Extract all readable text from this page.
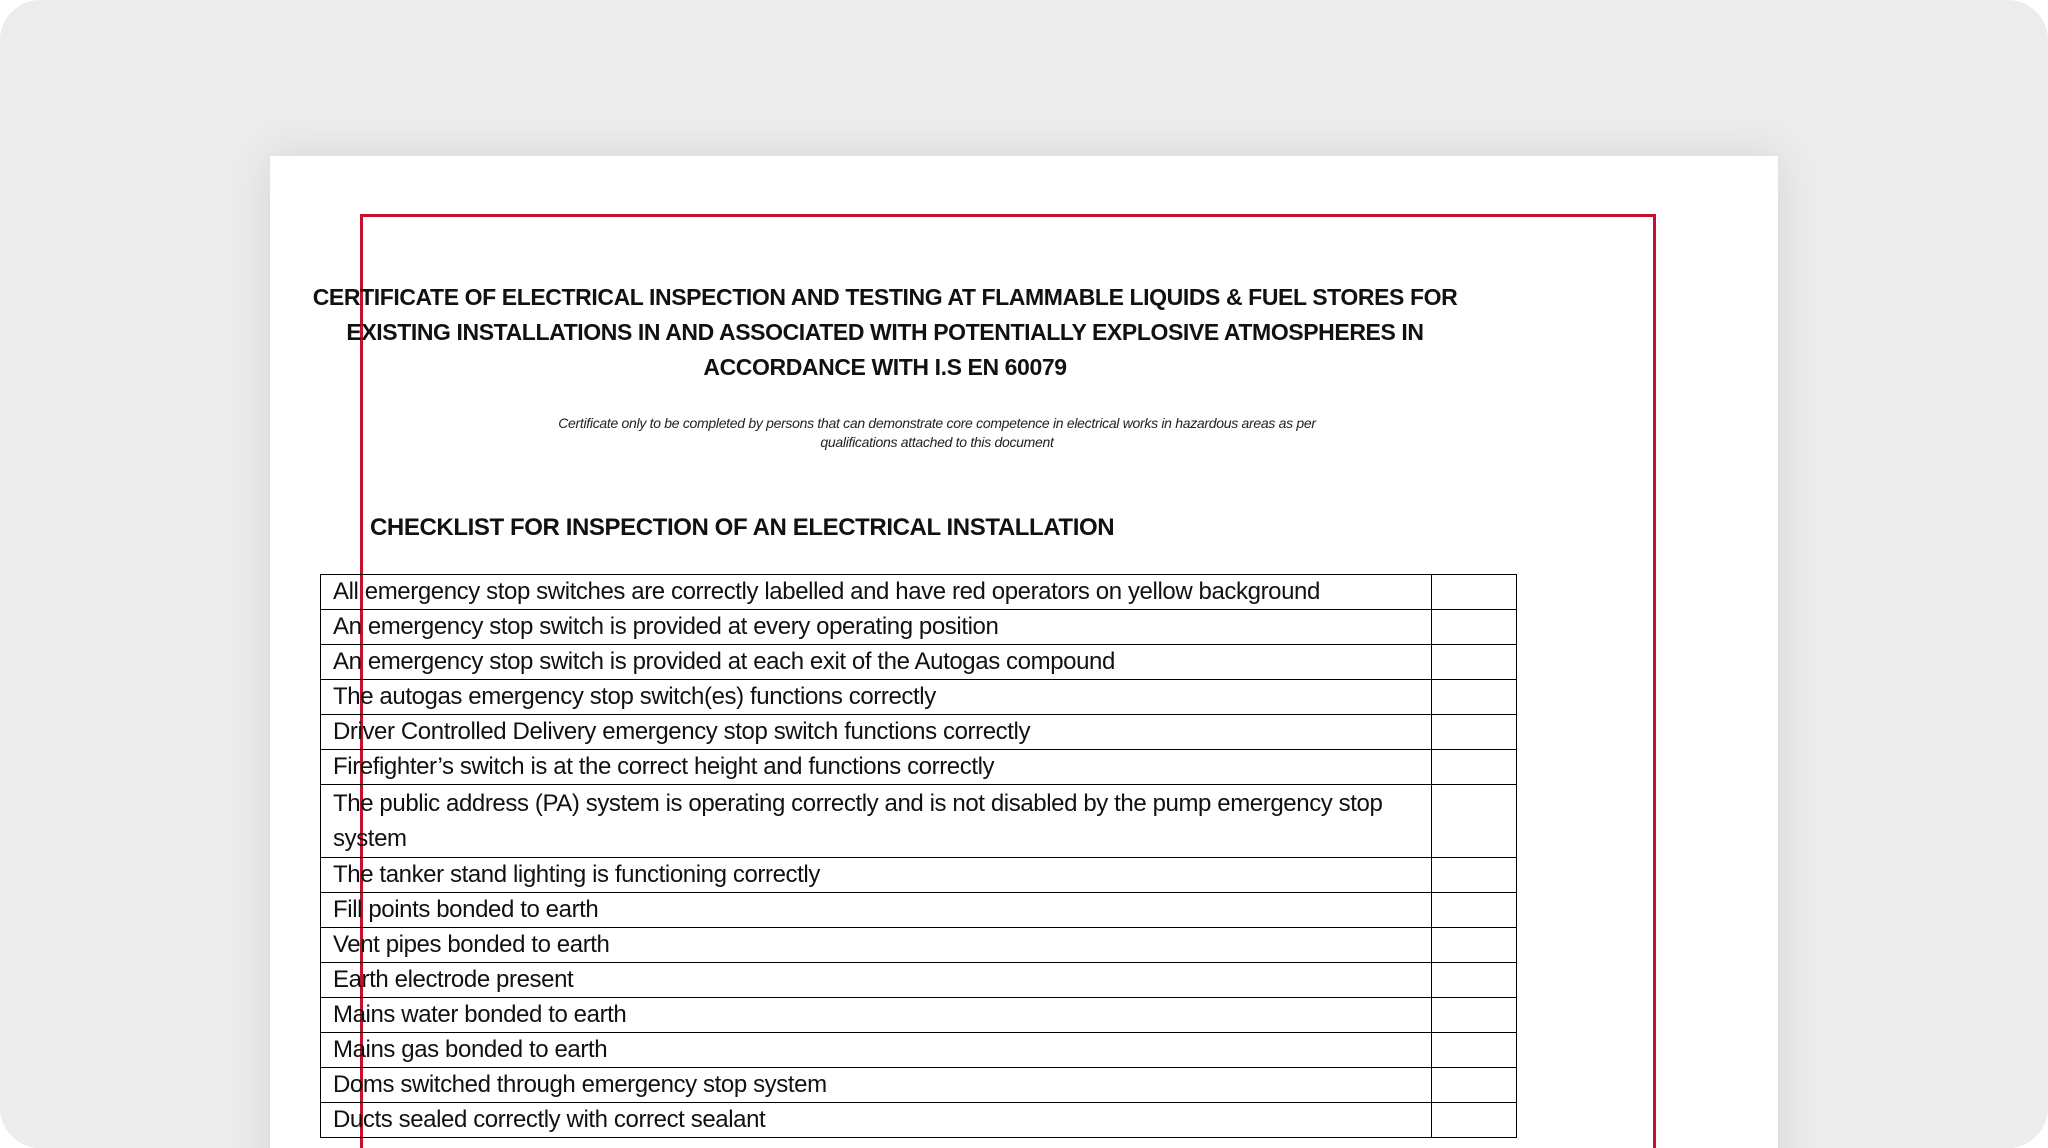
CERTIFICATE OF ELECTRICAL INSPECTION AND TESTING AT FLAMMABLE LIQUIDS & FUEL STORES FOR
EXISTING INSTALLATIONS IN AND ASSOCIATED WITH POTENTIALLY EXPLOSIVE ATMOSPHERES IN
ACCORDANCE WITH I.S EN 60079

Certificate only to be completed by persons that can demonstrate core competence in electrical works in hazardous areas as per
qualifications attached to this document

CHECKLIST FOR INSPECTION OF AN ELECTRICAL INSTALLATION
All emergency stop switches are correctly labelled and have red operators on yellow background	
An emergency stop switch is provided at every operating position	
An emergency stop switch is provided at each exit of the Autogas compound	
The autogas emergency stop switch(es) functions correctly	
Driver Controlled Delivery emergency stop switch functions correctly	
Firefighter’s switch is at the correct height and functions correctly	
The public address (PA) system is operating correctly and is not disabled by the pump emergency stop system	
The tanker stand lighting is functioning correctly	
Fill points bonded to earth	
Vent pipes bonded to earth	
Earth electrode present	
Mains water bonded to earth	
Mains gas bonded to earth	
Doms switched through emergency stop system	
Ducts sealed correctly with correct sealant	
